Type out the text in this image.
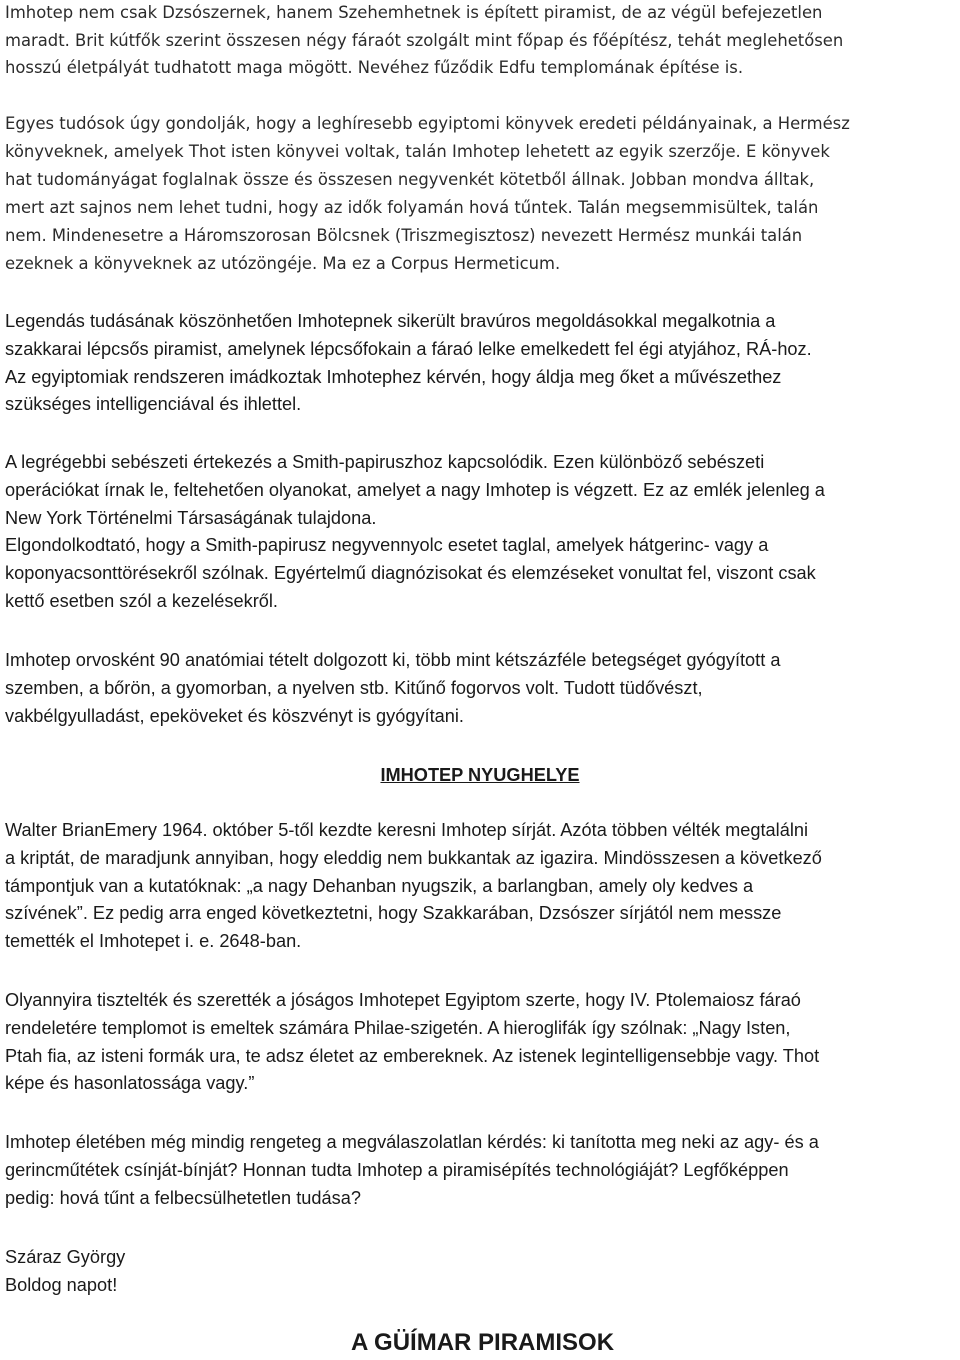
Imhotep nem csak Dzsószernek, hanem Szehemhetnek is épített piramist, de az végül befejezetlen
maradt. Brit kútfők szerint összesen négy fáraót szolgált mint főpap és főépítész, tehát meglehetősen
hosszú életpályát tudhatott maga mögött. Nevéhez fűződik Edfu templomának építése is.

Egyes tudósok úgy gondolják, hogy a leghíresebb egyiptomi könyvek eredeti példányainak, a Hermész
könyveknek, amelyek Thot isten könyvei voltak, talán Imhotep lehetett az egyik szerzője. E könyvek
hat tudományágat foglalnak össze és összesen negyvenkét kötetből állnak. Jobban mondva álltak,
mert azt sajnos nem lehet tudni, hogy az idők folyamán hová tűntek. Talán megsemmisültek, talán
nem. Mindenesetre a Háromszorosan Bölcsnek (Triszmegisztosz) nevezett Hermész munkái talán
ezeknek a könyveknek az utózöngéje. Ma ez a Corpus Hermeticum.

Legendás tudásának köszönhetően Imhotepnek sikerült bravúros megoldásokkal megalkotnia a
szakkarai lépcsős piramist, amelynek lépcsőfokain a fáraó lelke emelkedett fel égi atyjához, RÁ-hoz.
Az egyiptomiak rendszeren imádkoztak Imhotephez kérvén, hogy áldja meg őket a művészethez
szükséges intelligenciával és ihlettel.

A legrégebbi sebészeti értekezés a Smith-papiruszhoz kapcsolódik. Ezen különböző sebészeti
operációkat írnak le, feltehetően olyanokat, amelyet a nagy Imhotep is végzett. Ez az emlék jelenleg a
New York Történelmi Társaságának tulajdona.
Elgondolkodtató, hogy a Smith-papirusz negyvennyolc esetet taglal, amelyek hátgerinc- vagy a
koponyacsonttörésekről szólnak. Egyértelmű diagnózisokat és elemzéseket vonultat fel, viszont csak
kettő esetben szól a kezelésekről.

Imhotep orvosként 90 anatómiai tételt dolgozott ki, több mint kétszázféle betegséget gyógyított a
szemben, a bőrön, a gyomorban, a nyelven stb. Kitűnő fogorvos volt. Tudott tüdővészt,
vakbélgyulladást, epeköveket és köszvényt is gyógyítani.

IMHOTEP NYUGHELYE

Walter BrianEmery 1964. október 5-től kezdte keresni Imhotep sírját. Azóta többen vélték megtalálni
a kriptát, de maradjunk annyiban, hogy eleddig nem bukkantak az igazira. Mindösszesen a következő
támpontjuk van a kutatóknak: „a nagy Dehanban nyugszik, a barlangban, amely oly kedves a
szívének”. Ez pedig arra enged következtetni, hogy Szakkarában, Dzsószer sírjától nem messze
temették el Imhotepet i. e. 2648-ban.

Olyannyira tisztelték és szerették a jóságos Imhotepet Egyiptom szerte, hogy IV. Ptolemaiosz fáraó
rendeletére templomot is emeltek számára Philae-szigetén. A hieroglifák így szólnak: „Nagy Isten,
Ptah fia, az isteni formák ura, te adsz életet az embereknek. Az istenek legintelligensebbje vagy. Thot
képe és hasonlatossága vagy.”

Imhotep életében még mindig rengeteg a megválaszolatlan kérdés: ki tanította meg neki az agy- és a
gerincműtétek csínját-bínját? Honnan tudta Imhotep a piramisépítés technológiáját? Legfőképpen
pedig: hová tűnt a felbecsülhetetlen tudása?

Száraz György
Boldog napot!

A GÜÍMAR PIRAMISOK
